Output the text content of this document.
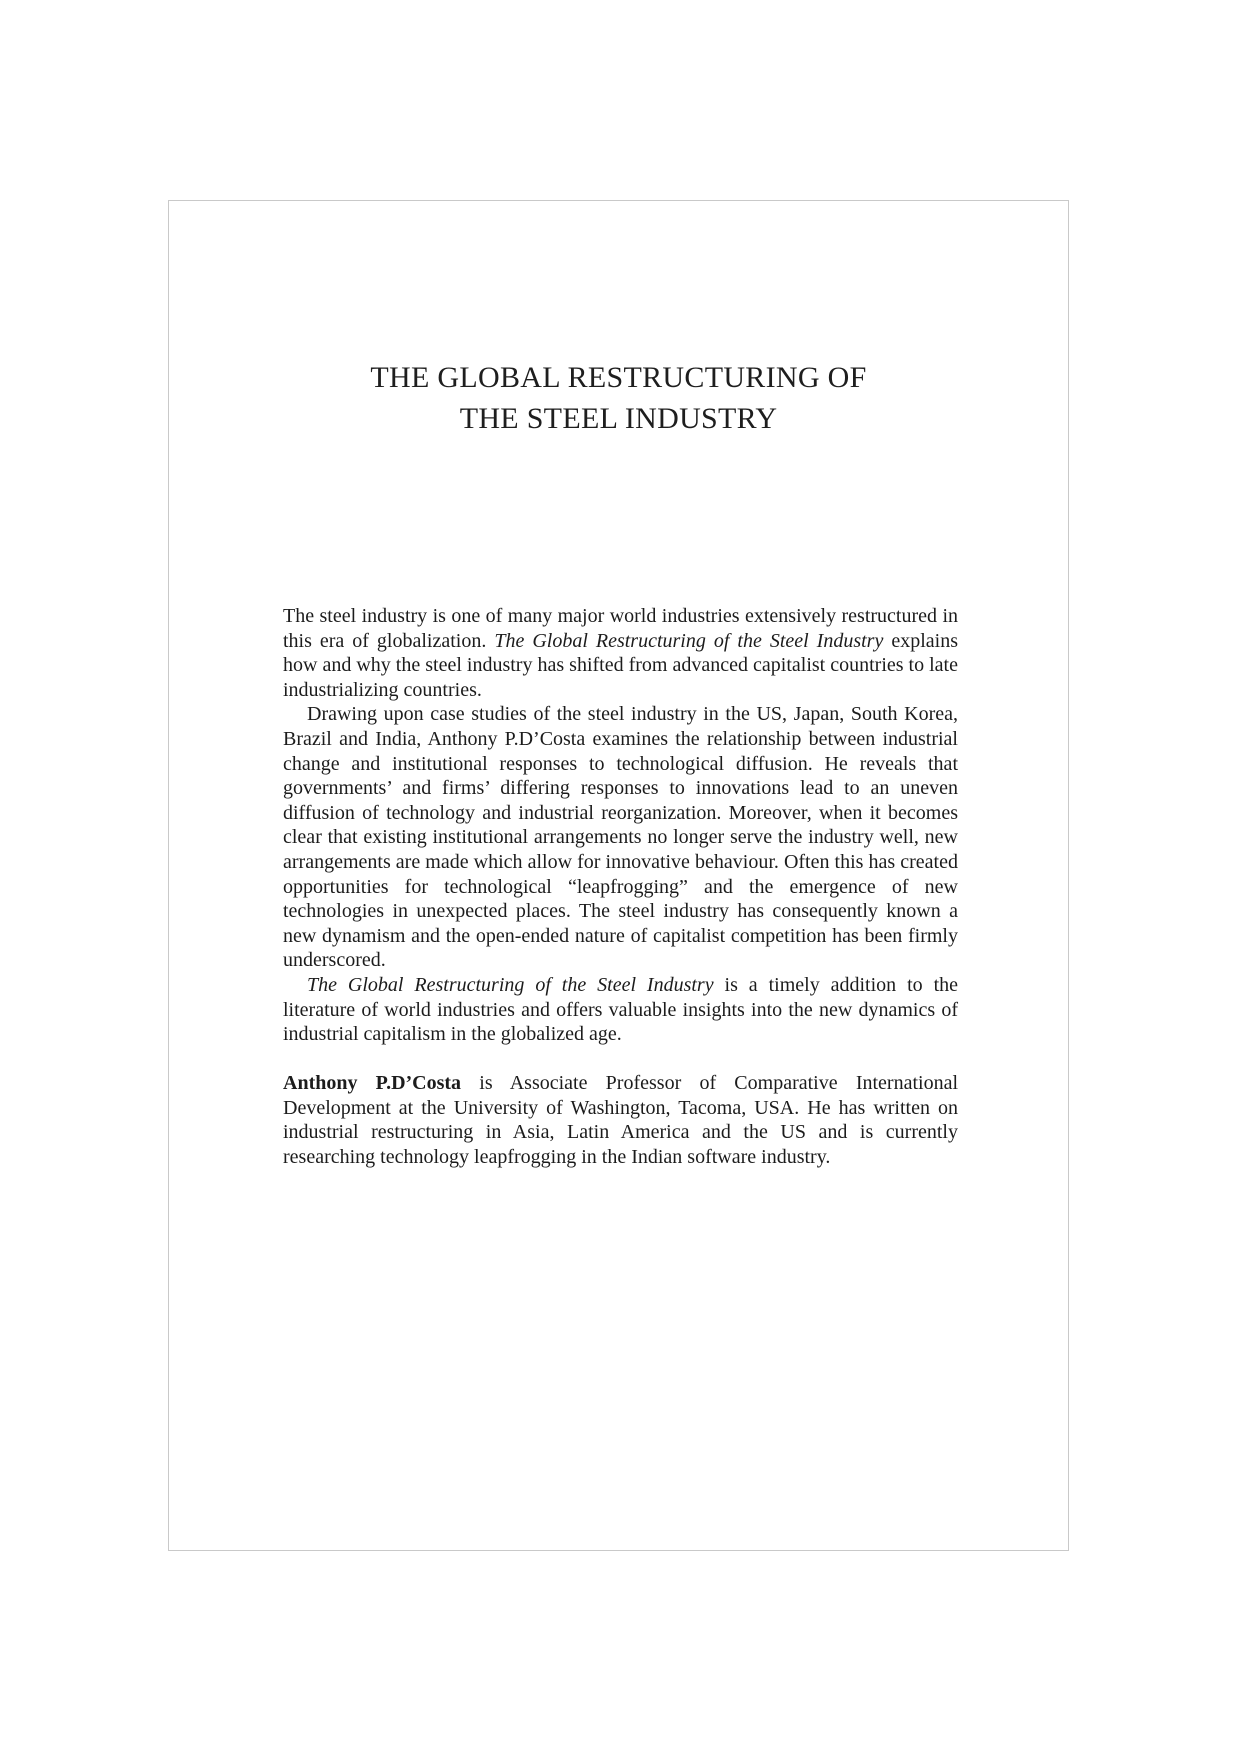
THE GLOBAL RESTRUCTURING OF
THE STEEL INDUSTRY

The steel industry is one of many major world industries extensively restructured in this era of globalization. The Global Restructuring of the Steel Industry explains how and why the steel industry has shifted from advanced capitalist countries to late industrializing countries.

Drawing upon case studies of the steel industry in the US, Japan, South Korea, Brazil and India, Anthony P.D’Costa examines the relationship between industrial change and institutional responses to technological diffusion. He reveals that governments’ and firms’ differing responses to innovations lead to an uneven diffusion of technology and industrial reorganization. Moreover, when it becomes clear that existing institutional arrangements no longer serve the industry well, new arrangements are made which allow for innovative behaviour. Often this has created opportunities for technological “leapfrogging” and the emergence of new technologies in unexpected places. The steel industry has consequently known a new dynamism and the open-ended nature of capitalist competition has been firmly underscored.

The Global Restructuring of the Steel Industry is a timely addition to the literature of world industries and offers valuable insights into the new dynamics of industrial capitalism in the globalized age.

Anthony P.D’Costa is Associate Professor of Comparative International Development at the University of Washington, Tacoma, USA. He has written on industrial restructuring in Asia, Latin America and the US and is currently researching technology leapfrogging in the Indian software industry.
